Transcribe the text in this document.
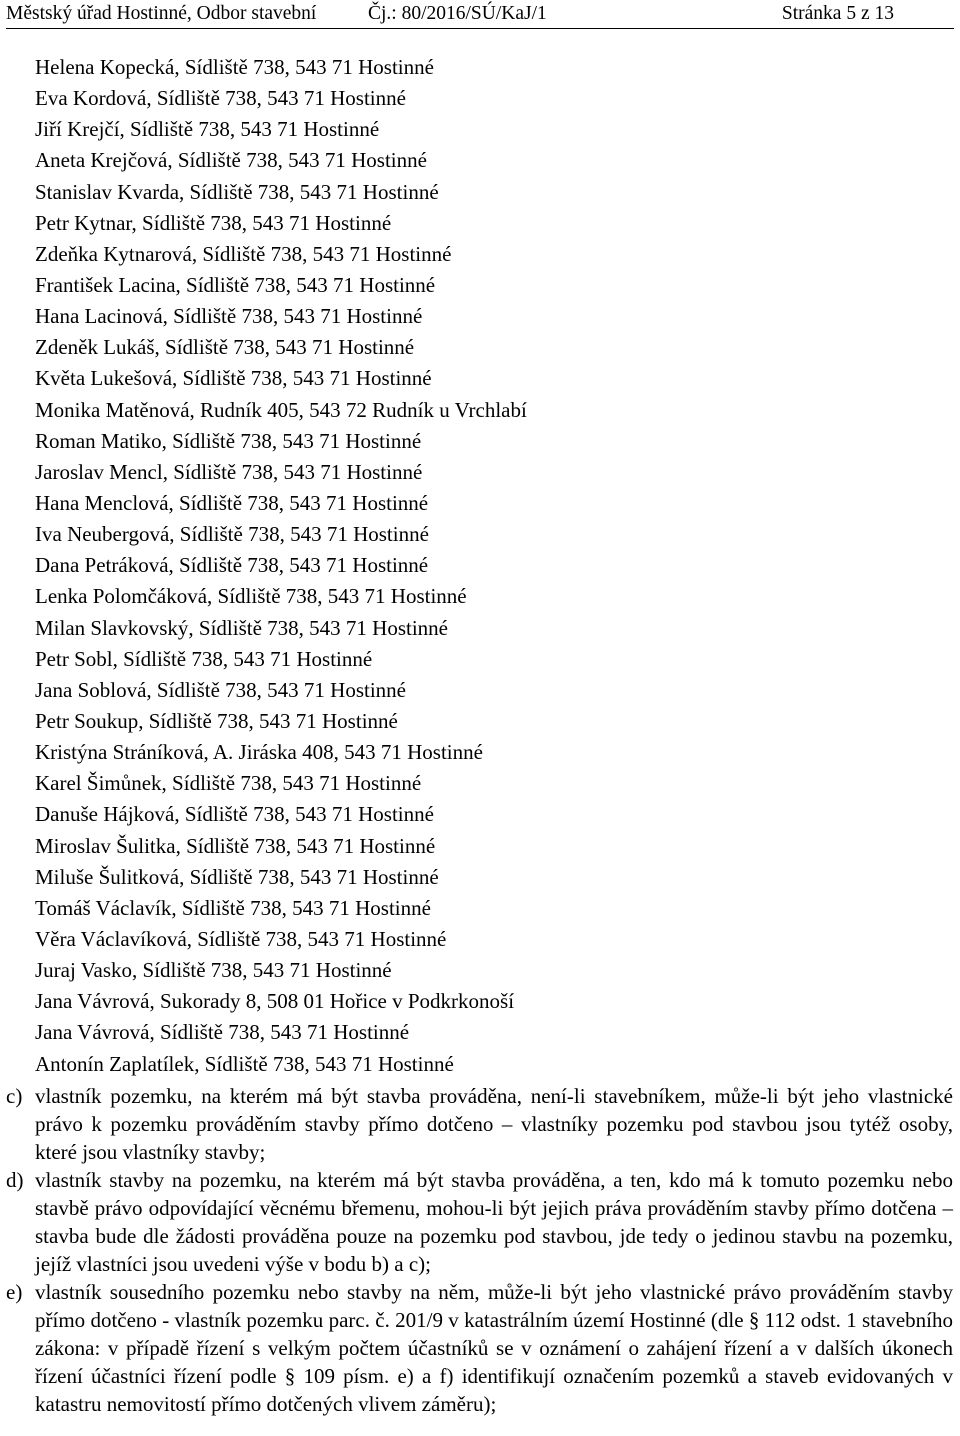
Městský úřad Hostinné, Odbor stavební	Čj.: 80/2016/SÚ/KaJ/1	Stránka 5 z 13
Helena Kopecká, Sídliště 738, 543 71 Hostinné
Eva Kordová, Sídliště 738, 543 71 Hostinné
Jiří Krejčí, Sídliště 738, 543 71 Hostinné
Aneta Krejčová, Sídliště 738, 543 71 Hostinné
Stanislav Kvarda, Sídliště 738, 543 71 Hostinné
Petr Kytnar, Sídliště 738, 543 71 Hostinné
Zdeňka Kytnarová, Sídliště 738, 543 71 Hostinné
František Lacina, Sídliště 738, 543 71 Hostinné
Hana Lacinová, Sídliště 738, 543 71 Hostinné
Zdeněk Lukáš, Sídliště 738, 543 71 Hostinné
Květa Lukešová, Sídliště 738, 543 71 Hostinné
Monika Matěnová, Rudník 405, 543 72 Rudník u Vrchlabí
Roman Matiko, Sídliště 738, 543 71 Hostinné
Jaroslav Mencl, Sídliště 738, 543 71 Hostinné
Hana Menclová, Sídliště 738, 543 71 Hostinné
Iva Neubergová, Sídliště 738, 543 71 Hostinné
Dana Petráková, Sídliště 738, 543 71 Hostinné
Lenka Polomčáková, Sídliště 738, 543 71 Hostinné
Milan Slavkovský, Sídliště 738, 543 71 Hostinné
Petr Sobl, Sídliště 738, 543 71 Hostinné
Jana Soblová, Sídliště 738, 543 71 Hostinné
Petr Soukup, Sídliště 738, 543 71 Hostinné
Kristýna Stráníková, A. Jiráska 408, 543 71 Hostinné
Karel Šimůnek, Sídliště 738, 543 71 Hostinné
Danuše Hájková, Sídliště 738, 543 71 Hostinné
Miroslav Šulitka, Sídliště 738, 543 71 Hostinné
Miluše Šulitková, Sídliště 738, 543 71 Hostinné
Tomáš Václavík, Sídliště 738, 543 71 Hostinné
Věra Václavíková, Sídliště 738, 543 71 Hostinné
Juraj Vasko, Sídliště 738, 543 71 Hostinné
Jana Vávrová, Sukorady 8, 508 01 Hořice v Podkrkonoší
Jana Vávrová, Sídliště 738, 543 71 Hostinné
Antonín Zaplatílek, Sídliště 738, 543 71 Hostinné
c) vlastník pozemku, na kterém má být stavba prováděna, není-li stavebníkem, může-li být jeho vlastnické právo k pozemku prováděním stavby přímo dotčeno – vlastníky pozemku pod stavbou jsou tytéž osoby, které jsou vlastníky stavby;
d) vlastník stavby na pozemku, na kterém má být stavba prováděna, a ten, kdo má k tomuto pozemku nebo stavbě právo odpovídající věcnému břemenu, mohou-li být jejich práva prováděním stavby přímo dotčena – stavba bude dle žádosti prováděna pouze na pozemku pod stavbou, jde tedy o jedinou stavbu na pozemku, jejíž vlastníci jsou uvedeni výše v bodu b) a c);
e) vlastník sousedního pozemku nebo stavby na něm, může-li být jeho vlastnické právo prováděním stavby přímo dotčeno - vlastník pozemku parc. č. 201/9 v katastrálním území Hostinné (dle § 112 odst. 1 stavebního zákona: v případě řízení s velkým počtem účastníků se v oznámení o zahájení řízení a v dalších úkonech řízení účastníci řízení podle § 109 písm. e) a f) identifikují označením pozemků a staveb evidovaných v katastru nemovitostí přímo dotčených vlivem záměru);
